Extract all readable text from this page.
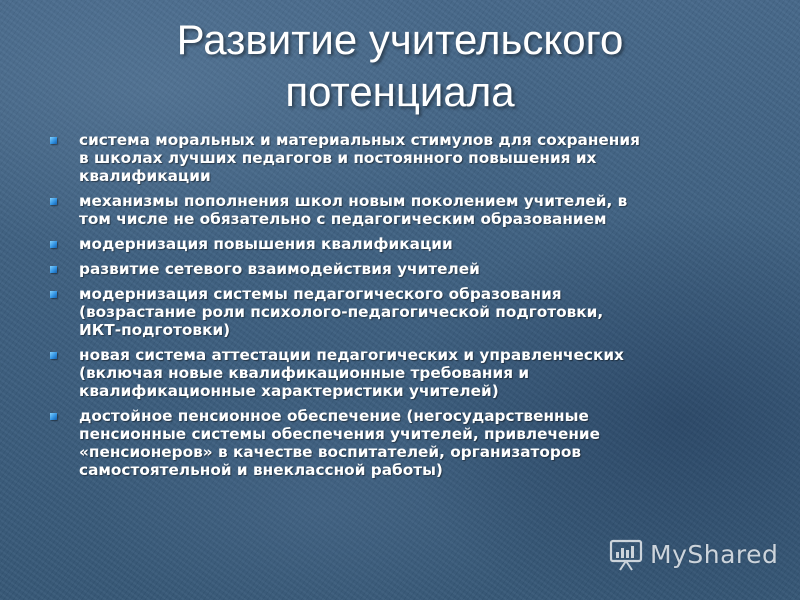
Развитие учительского
потенциала
система моральных и материальных стимулов для сохранения
в школах лучших педагогов и постоянного повышения их
квалификации
механизмы пополнения школ новым поколением учителей, в
том числе не обязательно с педагогическим образованием
модернизация повышения квалификации
развитие сетевого взаимодействия учителей
модернизация системы педагогического образования
(возрастание роли психолого-педагогической подготовки,
ИКТ-подготовки)
новая система аттестации педагогических и управленческих
(включая новые квалификационные требования и
квалификационные характеристики учителей)
достойное пенсионное обеспечение (негосударственные
пенсионные системы обеспечения учителей, привлечение
«пенсионеров» в качестве воспитателей, организаторов
самостоятельной и внеклассной работы)
MyShared
